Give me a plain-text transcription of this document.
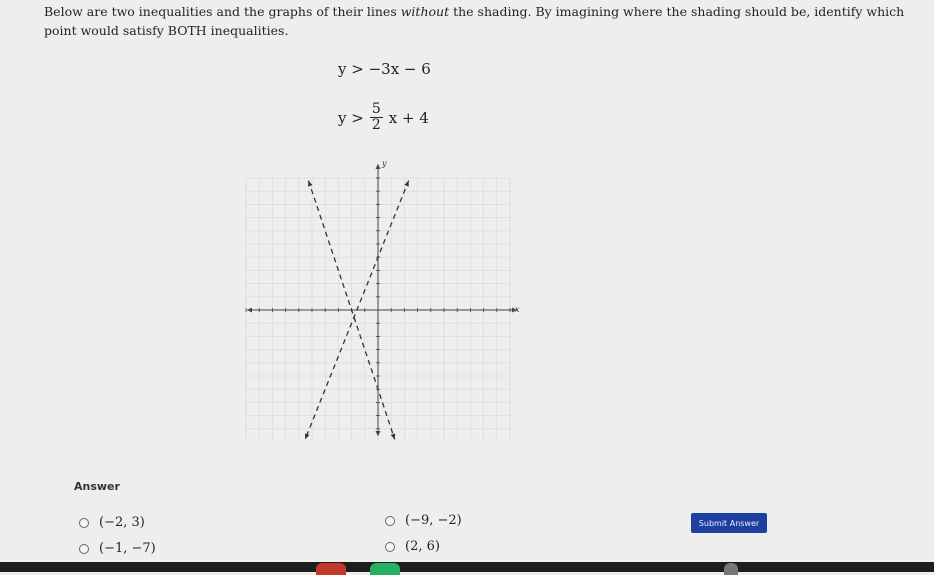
Below are two inequalities and the graphs of their lines without the shading. By imagining where the shading should be, identify which point would satisfy BOTH inequalities.
y > −3x − 6
$y > \frac{5}{2}$ x + 4
x
y
Answer
(−2, 3)	(−9, −2)
(−1, −7)	(2, 6)
Submit Answer
